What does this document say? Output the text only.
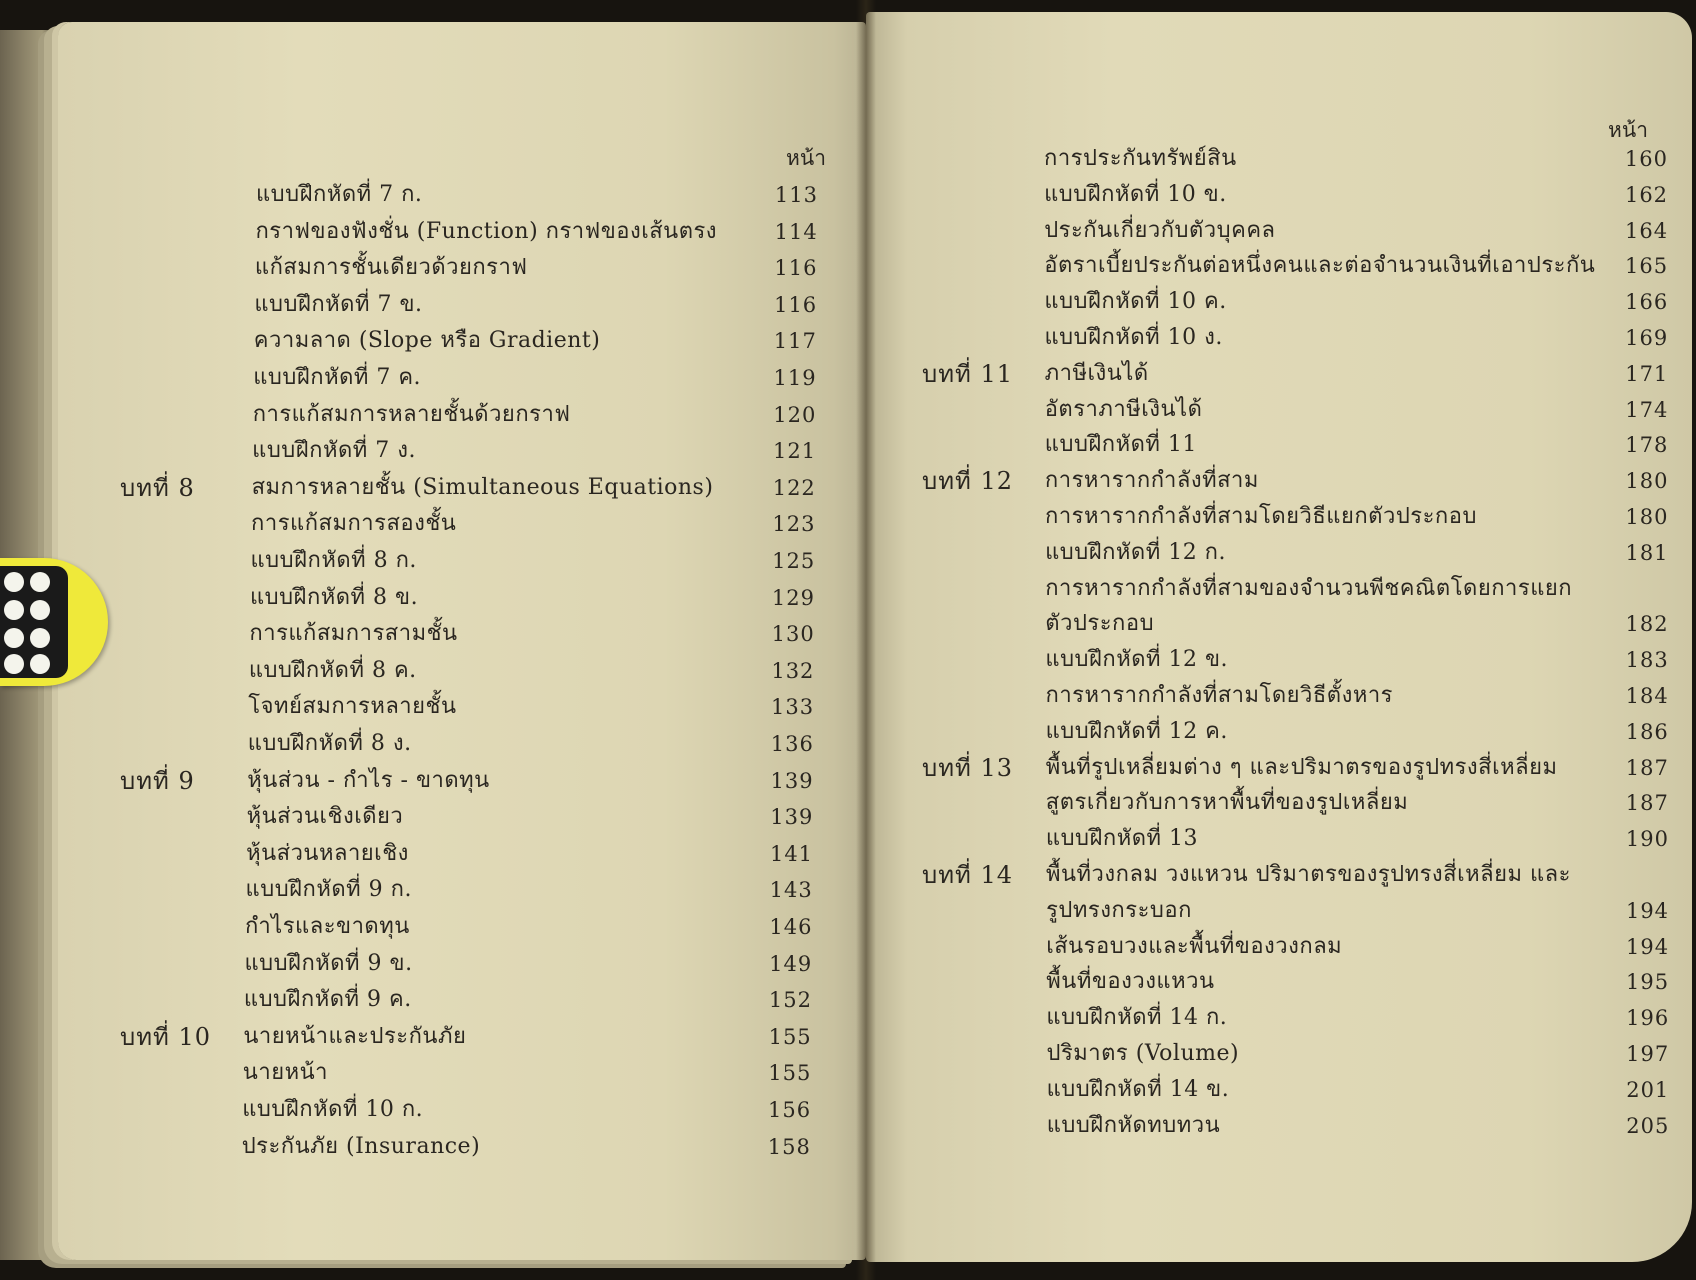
หน้า
แบบฝึกหัดที่ 7 ก.	113
กราฟของฟังชั่น (Function) กราฟของเส้นตรง	114
แก้สมการชั้นเดียวด้วยกราฟ	116
แบบฝึกหัดที่ 7 ข.	116
ความลาด (Slope หรือ Gradient)	117
แบบฝึกหัดที่ 7 ค.	119
การแก้สมการหลายชั้นด้วยกราฟ	120
แบบฝึกหัดที่ 7 ง.	121
บทที่ 8	สมการหลายชั้น (Simultaneous Equations)	122
การแก้สมการสองชั้น	123
แบบฝึกหัดที่ 8 ก.	125
แบบฝึกหัดที่ 8 ข.	129
การแก้สมการสามชั้น	130
แบบฝึกหัดที่ 8 ค.	132
โจทย์สมการหลายชั้น	133
แบบฝึกหัดที่ 8 ง.	136
บทที่ 9 หุ้นส่วน - กำไร - ขาดทุน	139
หุ้นส่วนเชิงเดียว	139
หุ้นส่วนหลายเชิง	141
แบบฝึกหัดที่ 9 ก.	143
กำไรและขาดทุน	146
แบบฝึกหัดที่ 9 ข.	149
แบบฝึกหัดที่ 9 ค.	152
บทที่ 10 นายหน้าและประกันภัย	155
นายหน้า	155
แบบฝึกหัดที่ 10 ก.	156
ประกันภัย (Insurance)	158
หน้า
การประกันทรัพย์สิน	160
แบบฝึกหัดที่ 10 ข.	162
ประกันเกี่ยวกับตัวบุคคล	164
อัตราเบี้ยประกันต่อหนึ่งคนและต่อจำนวนเงินที่เอาประกัน	165
แบบฝึกหัดที่ 10 ค.	166
แบบฝึกหัดที่ 10 ง.	169
บทที่ 11 ภาษีเงินได้	171
อัตราภาษีเงินได้	174
แบบฝึกหัดที่ 11	178
บทที่ 12 การหารากกำลังที่สาม	180
การหารากกำลังที่สามโดยวิธีแยกตัวประกอบ	180
แบบฝึกหัดที่ 12 ก.	181
การหารากกำลังที่สามของจำนวนพีชคณิตโดยการแยก
ตัวประกอบ	182
แบบฝึกหัดที่ 12 ข.	183
การหารากกำลังที่สามโดยวิธีตั้งหาร	184
แบบฝึกหัดที่ 12 ค.	186
บทที่ 13 พื้นที่รูปเหลี่ยมต่าง ๆ และปริมาตรของรูปทรงสี่เหลี่ยม	187
สูตรเกี่ยวกับการหาพื้นที่ของรูปเหลี่ยม	187
แบบฝึกหัดที่ 13	190
บทที่ 14 พื้นที่วงกลม วงแหวน ปริมาตรของรูปทรงสี่เหลี่ยม และ
รูปทรงกระบอก	194
เส้นรอบวงและพื้นที่ของวงกลม	194
พื้นที่ของวงแหวน	195
แบบฝึกหัดที่ 14 ก.	196
ปริมาตร (Volume)	197
แบบฝึกหัดที่ 14 ข.	201
แบบฝึกหัดทบทวน	205
